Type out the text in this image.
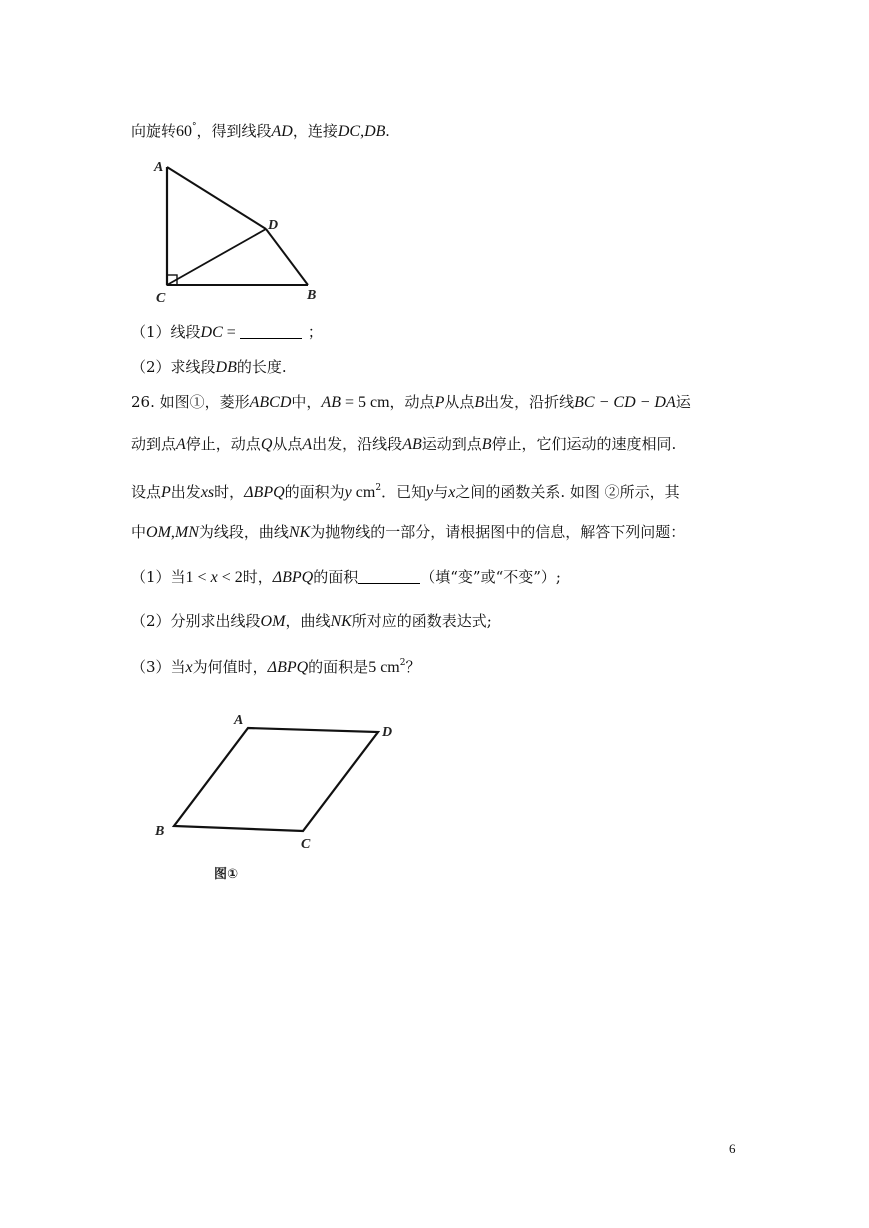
向旋转60°，得到线段AD，连接DC,DB.
A
D
C	B
（1）线段DC =	；
（2）求线段DB的长度.
26. 如图①，菱形ABCD中，AB = 5 cm，动点P从点B出发，沿折线BC − CD − DA运
动到点A停止，动点Q从点A出发，沿线段AB运动到点B停止，它们运动的速度相同.
设点P出发xs时，ΔBPQ的面积为y $cm^2$．已知y与x之间的函数关系. 如图 ②所示，其
中OM,MN为线段，曲线NK为抛物线的一部分，请根据图中的信息，解答下列问题：
（1）当1 < x < 2时，ΔBPQ的面积	（填“变”或“不变”）;
（2）分别求出线段OM，曲线NK所对应的函数表达式;
（3）当x为何值时，ΔBPQ的面积是5 $cm^2$？
A
D
B
C
图①
6
